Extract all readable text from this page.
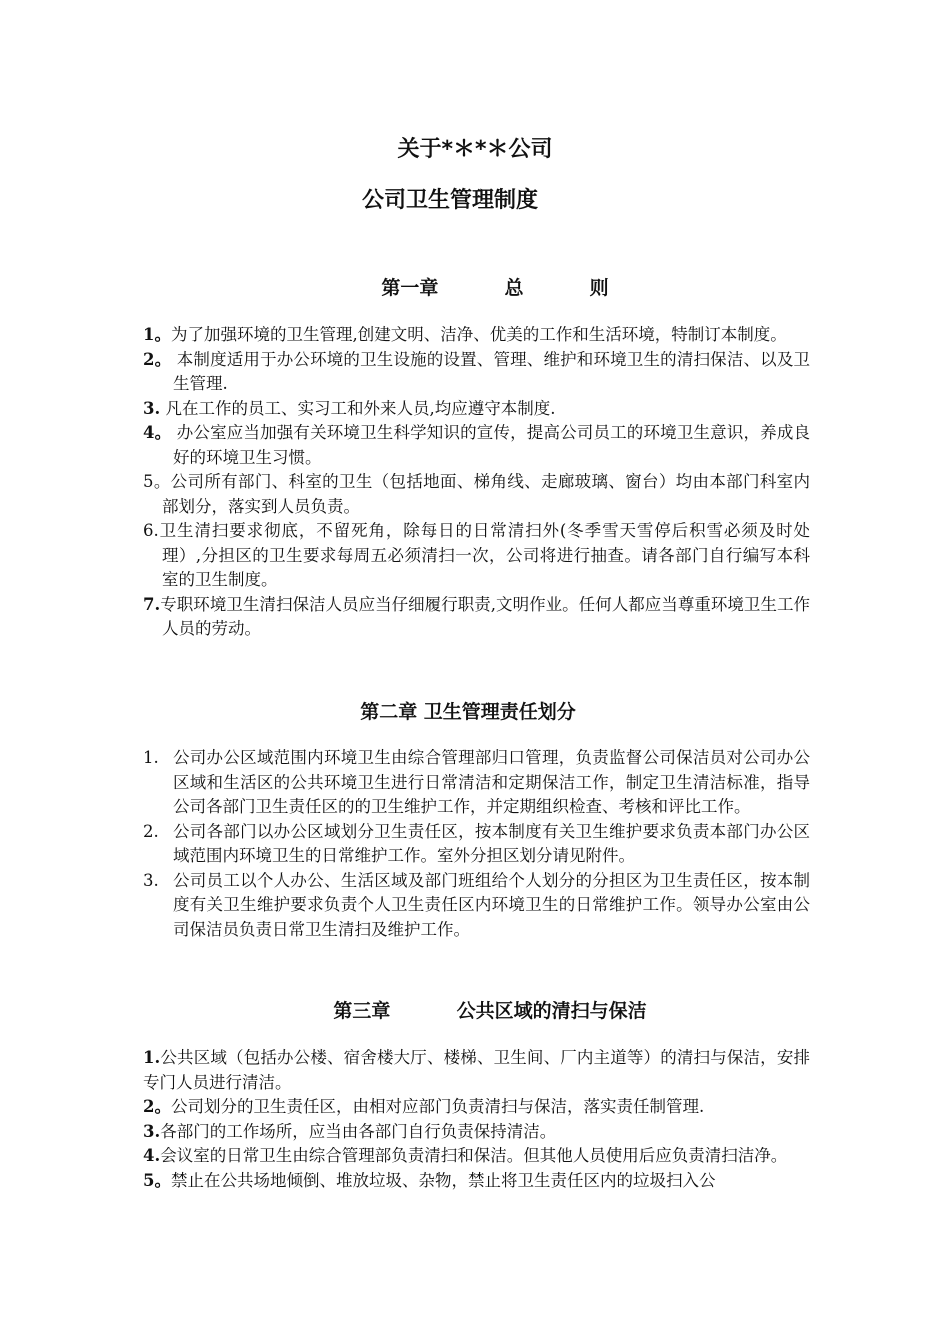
关于*＊*＊公司
公司卫生管理制度
第一章          总          则
1。为了加强环境的卫生管理,创建文明、洁净、优美的工作和生活环境，特制订本制度。
2。 本制度适用于办公环境的卫生设施的设置、管理、维护和环境卫生的清扫保洁、以及卫生管理.
3. 凡在工作的员工、实习工和外来人员,均应遵守本制度.
4。 办公室应当加强有关环境卫生科学知识的宣传，提高公司员工的环境卫生意识，养成良好的环境卫生习惯。
5。公司所有部门、科室的卫生（包括地面、梯角线、走廊玻璃、窗台）均由本部门科室内部划分，落实到人员负责。
6.卫生清扫要求彻底，不留死角，除每日的日常清扫外(冬季雪天雪停后积雪必须及时处理）,分担区的卫生要求每周五必须清扫一次，公司将进行抽查。请各部门自行编写本科室的卫生制度。
7.专职环境卫生清扫保洁人员应当仔细履行职责,文明作业。任何人都应当尊重环境卫生工作人员的劳动。
第二章 卫生管理责任划分
1. 公司办公区域范围内环境卫生由综合管理部归口管理，负责监督公司保洁员对公司办公区域和生活区的公共环境卫生进行日常清洁和定期保洁工作，制定卫生清洁标准，指导公司各部门卫生责任区的的卫生维护工作，并定期组织检查、考核和评比工作。
2. 公司各部门以办公区域划分卫生责任区，按本制度有关卫生维护要求负责本部门办公区域范围内环境卫生的日常维护工作。室外分担区划分请见附件。
3. 公司员工以个人办公、生活区域及部门班组给个人划分的分担区为卫生责任区，按本制度有关卫生维护要求负责个人卫生责任区内环境卫生的日常维护工作。领导办公室由公司保洁员负责日常卫生清扫及维护工作。
第三章          公共区域的清扫与保洁
1.公共区域（包括办公楼、宿舍楼大厅、楼梯、卫生间、厂内主道等）的清扫与保洁，安排专门人员进行清洁。
2。公司划分的卫生责任区，由相对应部门负责清扫与保洁，落实责任制管理.
3.各部门的工作场所，应当由各部门自行负责保持清洁。
4.会议室的日常卫生由综合管理部负责清扫和保洁。但其他人员使用后应负责清扫洁净。
5。禁止在公共场地倾倒、堆放垃圾、杂物，禁止将卫生责任区内的垃圾扫入公
